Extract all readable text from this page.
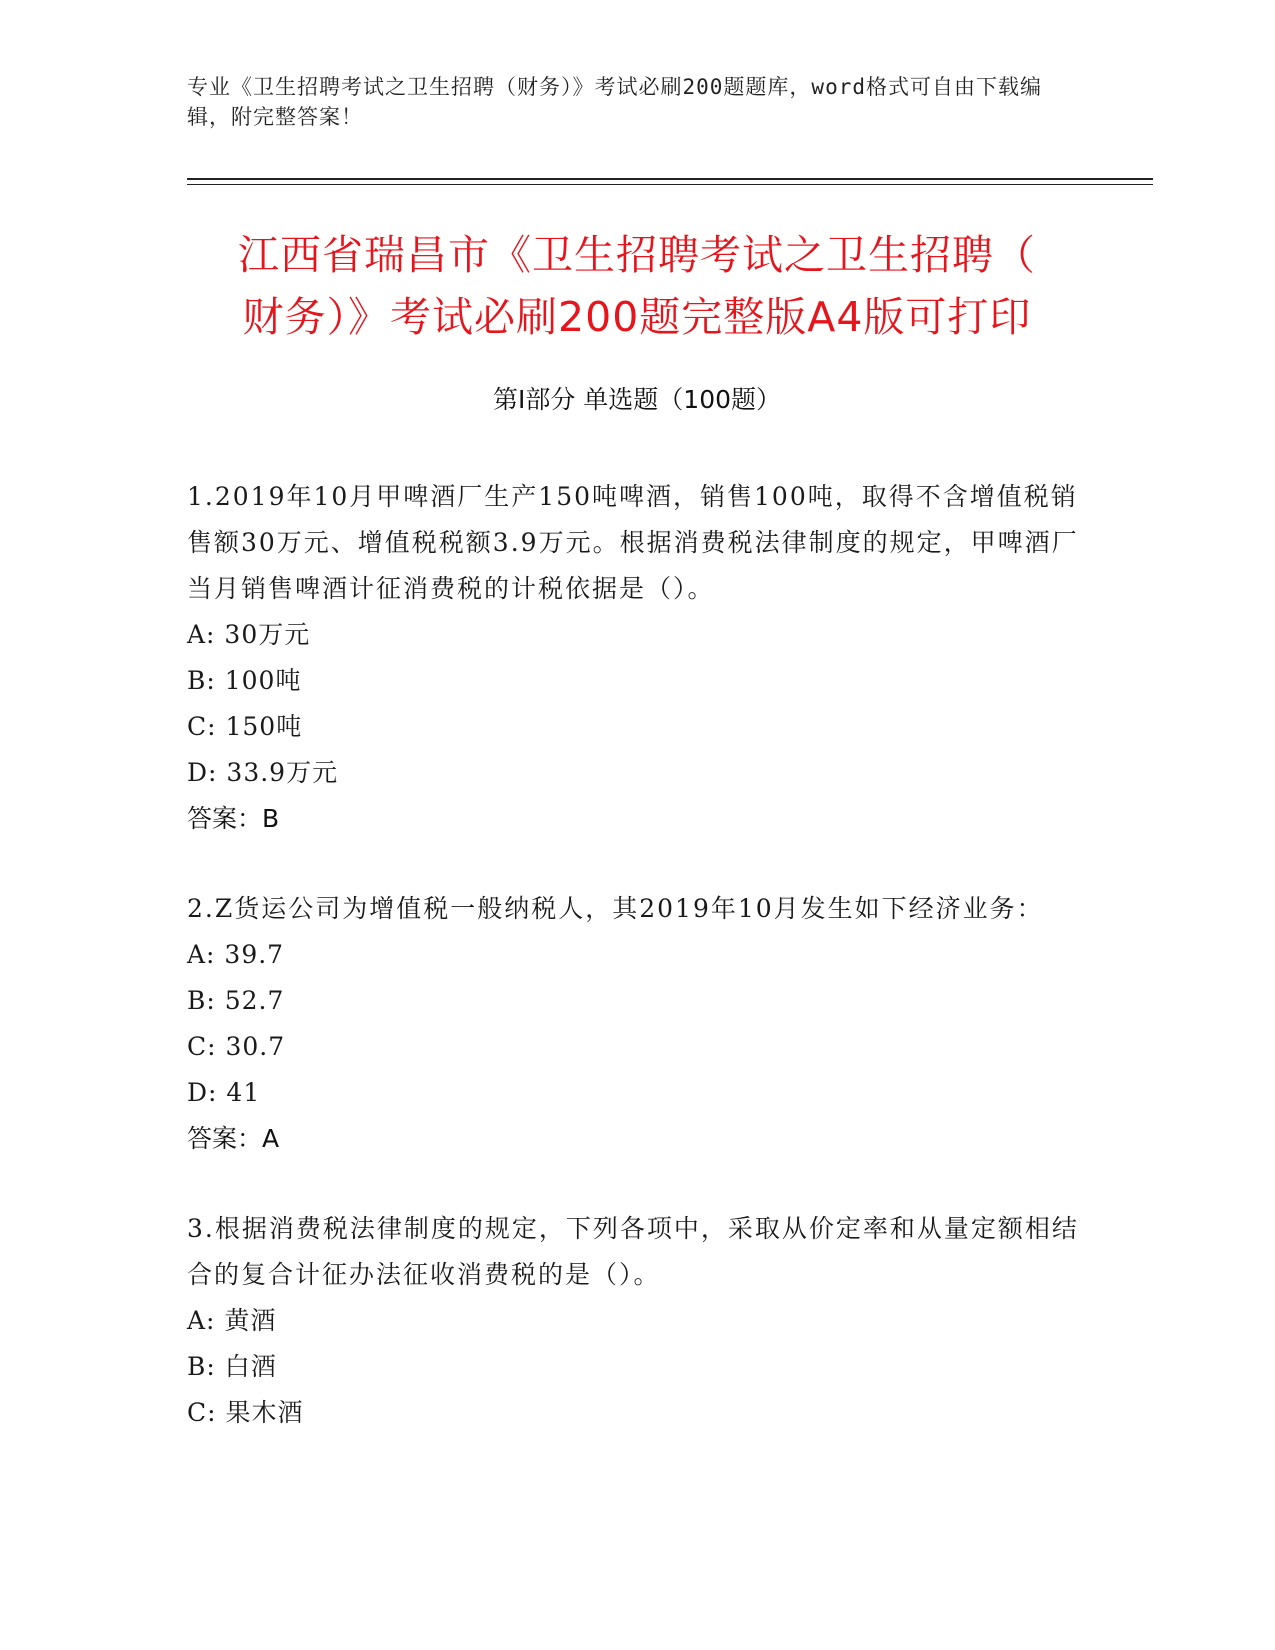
专业《卫生招聘考试之卫生招聘（财务）》考试必刷200题题库，word格式可自由下载编辑，附完整答案！
江西省瑞昌市《卫生招聘考试之卫生招聘（
财务）》考试必刷200题完整版A4版可打印
第I部分 单选题（100题）

1.2019年10月甲啤酒厂生产150吨啤酒，销售100吨，取得不含增值税销售额30万元、增值税税额3.9万元。根据消费税法律制度的规定，甲啤酒厂当月销售啤酒计征消费税的计税依据是（）。

A: 30万元

B: 100吨

C: 150吨

D: 33.9万元

答案：B

2.Z货运公司为增值税一般纳税人，其2019年10月发生如下经济业务：

A: 39.7

B: 52.7

C: 30.7

D: 41

答案：A

3.根据消费税法律制度的规定，下列各项中，采取从价定率和从量定额相结合的复合计征办法征收消费税的是（）。

A: 黄酒

B: 白酒

C: 果木酒
